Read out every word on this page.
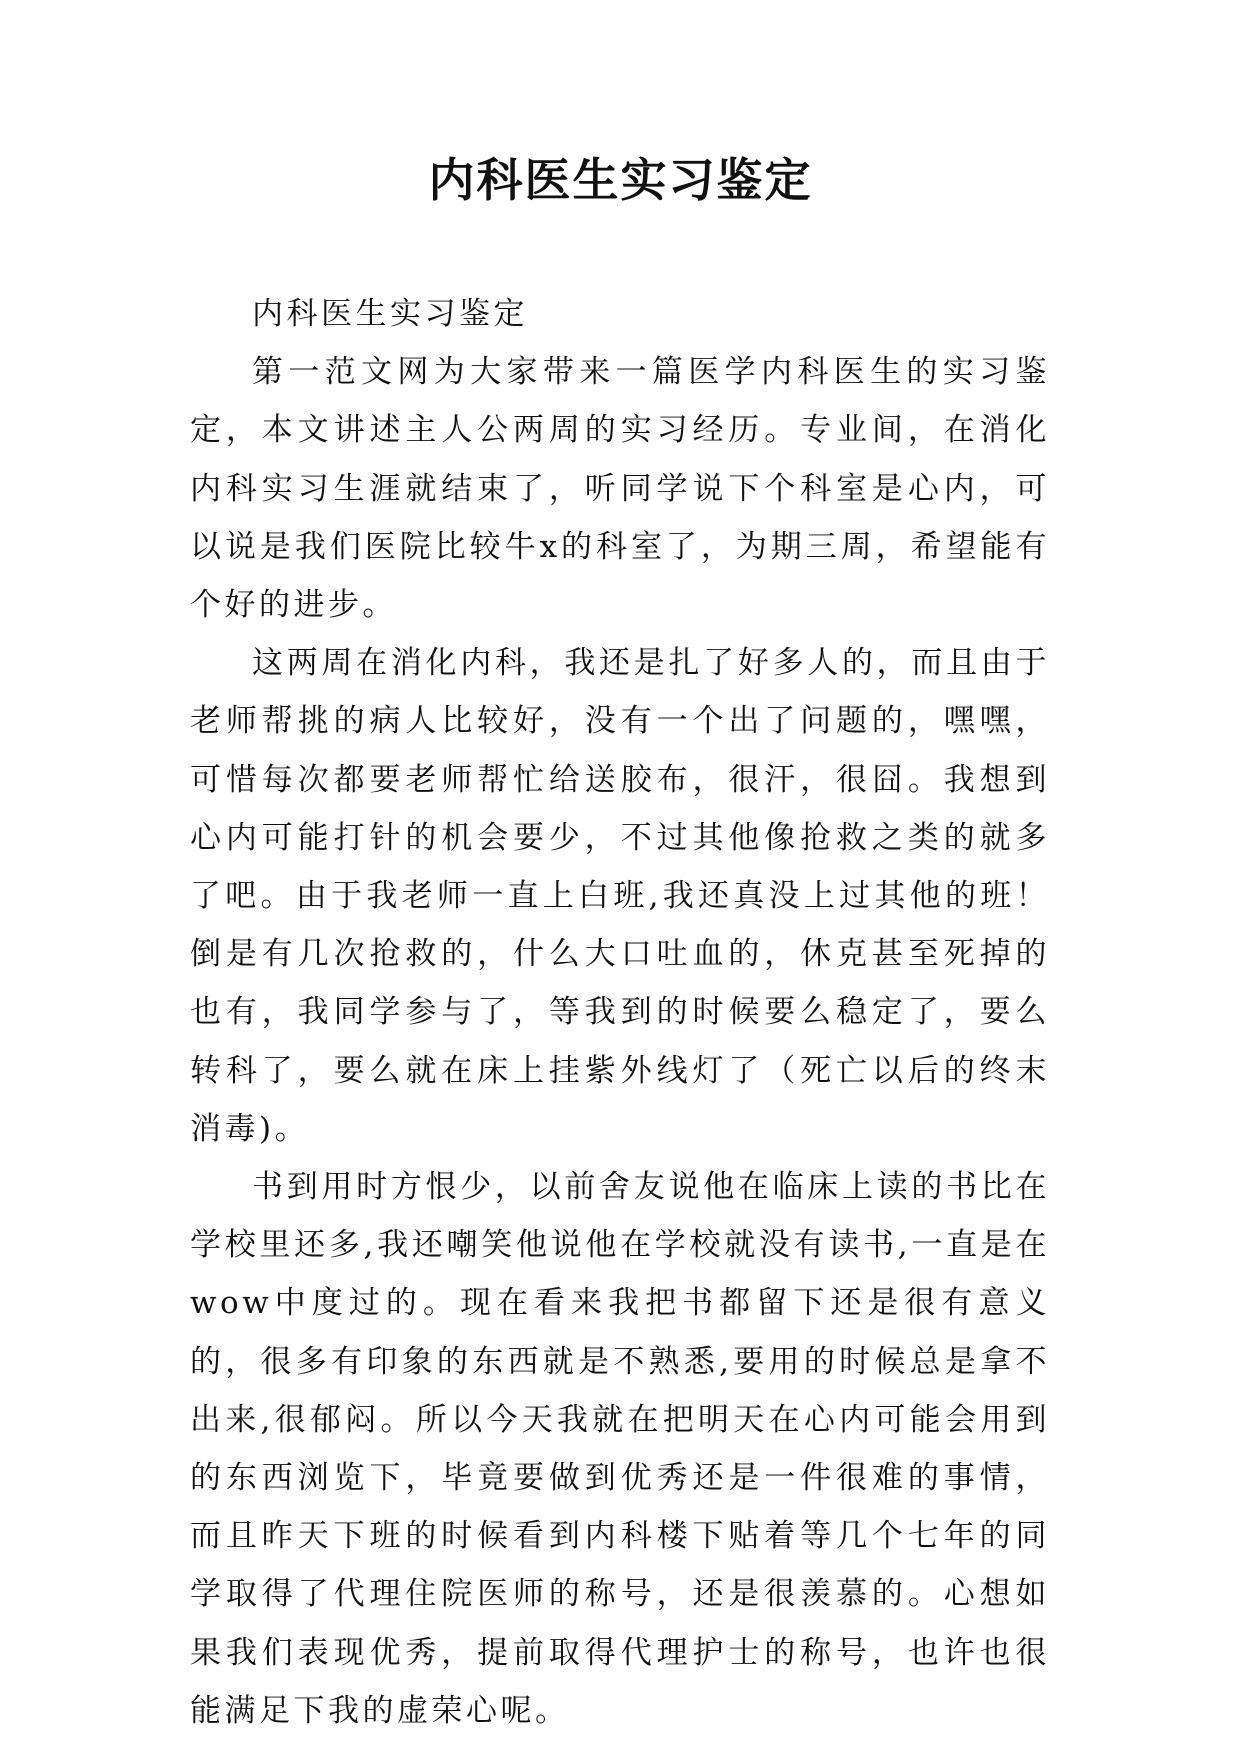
内科医生实习鉴定

内科医生实习鉴定

第一范文网为大家带来一篇医学内科医生的实习鉴定，本文讲述主人公两周的实习经历。专业间，在消化内科实习生涯就结束了，听同学说下个科室是心内，可以说是我们医院比较牛x的科室了，为期三周，希望能有个好的进步。

这两周在消化内科，我还是扎了好多人的，而且由于老师帮挑的病人比较好，没有一个出了问题的，嘿嘿，可惜每次都要老师帮忙给送胶布，很汗，很囧。我想到心内可能打针的机会要少，不过其他像抢救之类的就多了吧。由于我老师一直上白班,我还真没上过其他的班！倒是有几次抢救的，什么大口吐血的，休克甚至死掉的也有，我同学参与了，等我到的时候要么稳定了，要么转科了，要么就在床上挂紫外线灯了（死亡以后的终末消毒)。

书到用时方恨少，以前舍友说他在临床上读的书比在学校里还多,我还嘲笑他说他在学校就没有读书,一直是在wow中度过的。现在看来我把书都留下还是很有意义的，很多有印象的东西就是不熟悉,要用的时候总是拿不出来,很郁闷。所以今天我就在把明天在心内可能会用到的东西浏览下，毕竟要做到优秀还是一件很难的事情，而且昨天下班的时候看到内科楼下贴着等几个七年的同学取得了代理住院医师的称号，还是很羡慕的。心想如果我们表现优秀，提前取得代理护士的称号，也许也很能满足下我的虚荣心呢。
